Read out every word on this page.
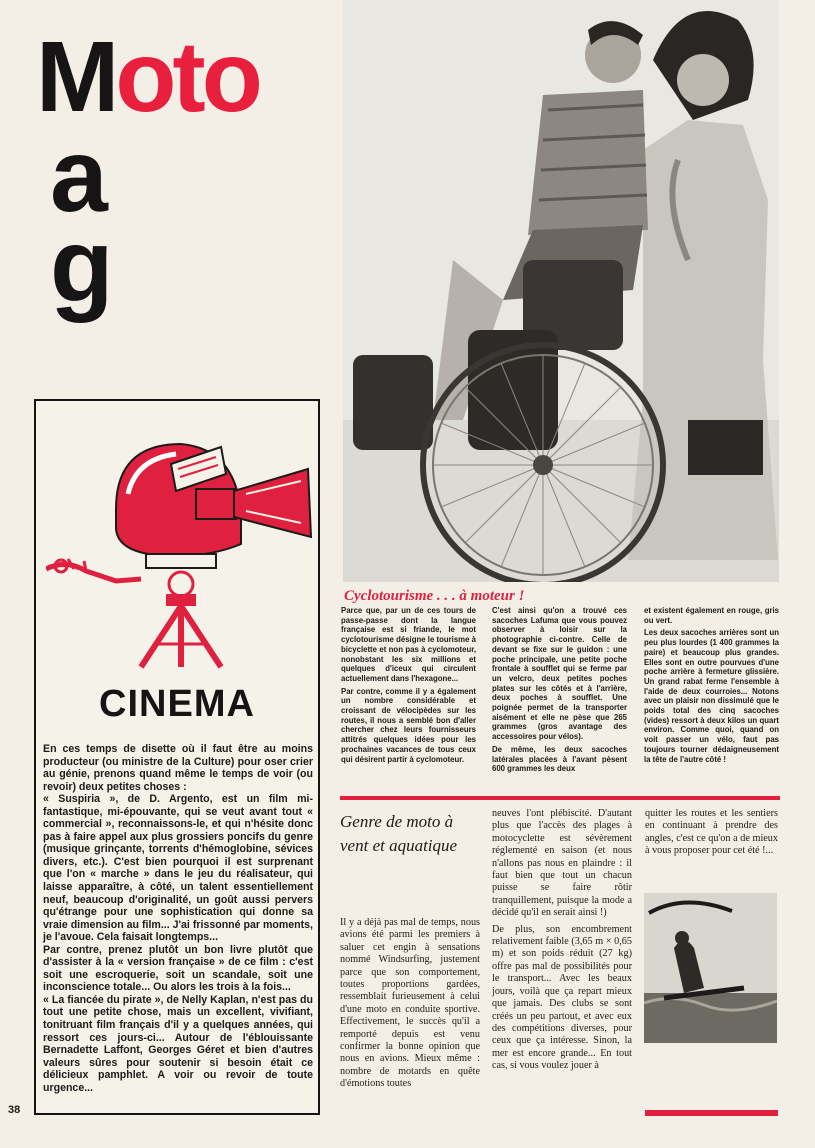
Moto
a
g
CINEMA

En ces temps de disette où il faut être au moins producteur (ou ministre de la Culture) pour oser crier au génie, prenons quand même le temps de voir (ou revoir) deux petites choses :

« Suspiria », de D. Argento, est un film mi-fantastique, mi-épouvante, qui se veut avant tout « commercial », reconnaissons-le, et qui n'hésite donc pas à faire appel aux plus grossiers poncifs du genre (musique grinçante, torrents d'hémoglobine, sévices divers, etc.). C'est bien pourquoi il est surprenant que l'on « marche » dans le jeu du réalisateur, qui laisse apparaître, à côté, un talent essentiellement neuf, beaucoup d'originalité, un goût aussi pervers qu'étrange pour une sophistication qui donne sa vraie dimension au film... J'ai frissonné par moments, je l'avoue. Cela faisait longtemps...

Par contre, prenez plutôt un bon livre plutôt que d'assister à la « version française » de ce film : c'est soit une escroquerie, soit un scandale, soit une inconscience totale... Ou alors les trois à la fois...

« La fiancée du pirate », de Nelly Kaplan, n'est pas du tout une petite chose, mais un excellent, vivifiant, tonitruant film français d'il y a quelques années, qui ressort ces jours-ci... Autour de l'éblouissante Bernadette Laffont, Georges Géret et bien d'autres valeurs sûres pour soutenir si besoin était ce délicieux pamphlet. A voir ou revoir de toute urgence...

38
Cyclotourisme . . . à moteur !

Parce que, par un de ces tours de passe-passe dont la langue française est si friande, le mot cyclotourisme désigne le tourisme à bicyclette et non pas à cyclomoteur, nonobstant les six millions et quelques d'iceux qui circulent actuellement dans l'hexagone...

Par contre, comme il y a également un nombre considérable et croissant de vélocipèdes sur les routes, il nous a semblé bon d'aller chercher chez leurs fournisseurs attitrés quelques idées pour les prochaines vacances de tous ceux qui désirent partir à cyclomoteur.

C'est ainsi qu'on a trouvé ces sacoches Lafuma que vous pouvez observer à loisir sur la photographie ci-contre. Celle de devant se fixe sur le guidon : une poche principale, une petite poche frontale à soufflet qui se ferme par un velcro, deux petites poches plates sur les côtés et à l'arrière, deux poches à soufflet. Une poignée permet de la transporter aisément et elle ne pèse que 265 grammes (gros avantage des accessoires pour vélos).

De même, les deux sacoches latérales placées à l'avant pèsent 600 grammes les deux

et existent également en rouge, gris ou vert.

Les deux sacoches arrières sont un peu plus lourdes (1 400 grammes la paire) et beaucoup plus grandes. Elles sont en outre pourvues d'une poche arrière à fermeture glissière. Un grand rabat ferme l'ensemble à l'aide de deux courroies... Notons avec un plaisir non dissimulé que le poids total des cinq sacoches (vides) ressort à deux kilos un quart environ. Comme quoi, quand on voit passer un vélo, faut pas toujours tourner dédaigneusement la tête de l'autre côté !

Genre de moto à vent et aquatique

Il y a déjà pas mal de temps, nous avions été parmi les premiers à saluer cet engin à sensations nommé Windsurfing, justement parce que son comportement, toutes proportions gardées, ressemblait furieusement à celui d'une moto en conduite sportive. Effectivement, le succès qu'il a remporté depuis est venu confirmer la bonne opinion que nous en avions. Mieux même : nombre de motards en quête d'émotions toutes

neuves l'ont plébiscité. D'autant plus que l'accès des plages à motocyclette est sévèrement réglementé en saison (et nous n'allons pas nous en plaindre : il faut bien que tout un chacun puisse se faire rôtir tranquillement, puisque la mode a décidé qu'il en serait ainsi !)

De plus, son encombrement relativement faible (3,65 m × 0,65 m) et son poids réduit (27 kg) offre pas mal de possibilités pour le transport... Avec les beaux jours, voilà que ça repart mieux que jamais. Des clubs se sont créés un peu partout, et avec eux des compétitions diverses, pour ceux que ça intéresse. Sinon, la mer est encore grande... En tout cas, si vous voulez jouer à

quitter les routes et les sentiers en continuant à prendre des angles, c'est ce qu'on a de mieux à vous proposer pour cet été !...
